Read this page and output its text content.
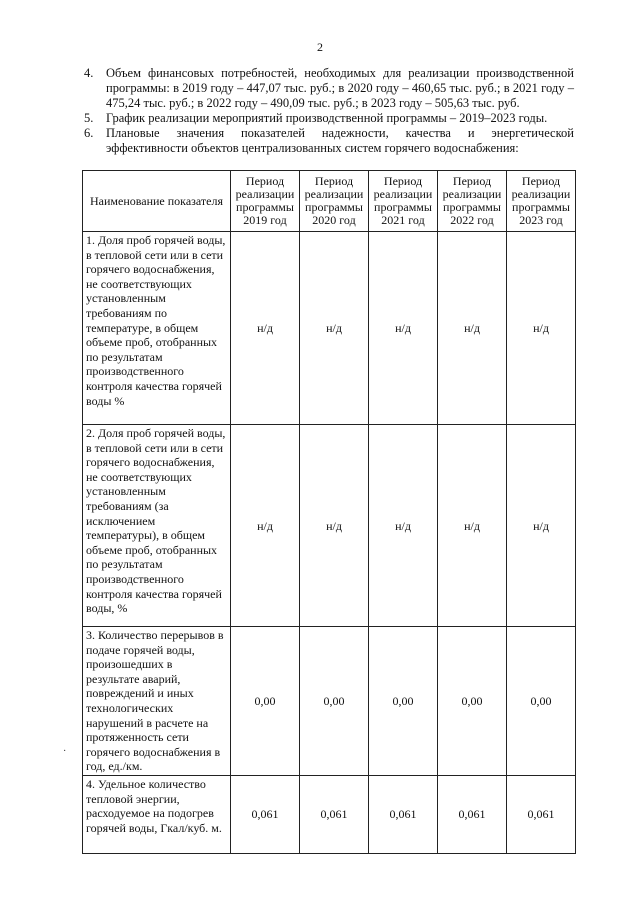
2
4. Объем финансовых потребностей, необходимых для реализации производственной программы: в 2019 году – 447,07 тыс. руб.; в 2020 году – 460,65 тыс. руб.; в 2021 году – 475,24 тыс. руб.; в 2022 году – 490,09 тыс. руб.; в 2023 году – 505,63 тыс. руб.
5. График реализации мероприятий производственной программы – 2019–2023 годы.
6. Плановые значения показателей надежности, качества и энергетической эффективности объектов централизованных систем горячего водоснабжения:
Наименование показателя	Период реализации программы 2019 год	Период реализации программы 2020 год	Период реализации программы 2021 год	Период реализации программы 2022 год	Период реализации программы 2023 год
1. Доля проб горячей воды, в тепловой сети или в сети горячего водоснабжения, не соответствующих установленным требованиям по температуре, в общем объеме проб, отобранных по результатам производственного контроля качества горячей воды %	н/д	н/д	н/д	н/д	н/д
2. Доля проб горячей воды, в тепловой сети или в сети горячего водоснабжения, не соответствующих установленным требованиям (за исключением температуры), в общем объеме проб, отобранных по результатам производственного контроля качества горячей воды, %	н/д	н/д	н/д	н/д	н/д
3. Количество перерывов в подаче горячей воды, произошедших в результате аварий, повреждений и иных технологических нарушений в расчете на протяженность сети горячего водоснабжения в год, ед./км.	0,00	0,00	0,00	0,00	0,00
4. Удельное количество тепловой энергии, расходуемое на подогрев горячей воды, Гкал/куб. м.	0,061	0,061	0,061	0,061	0,061
·
